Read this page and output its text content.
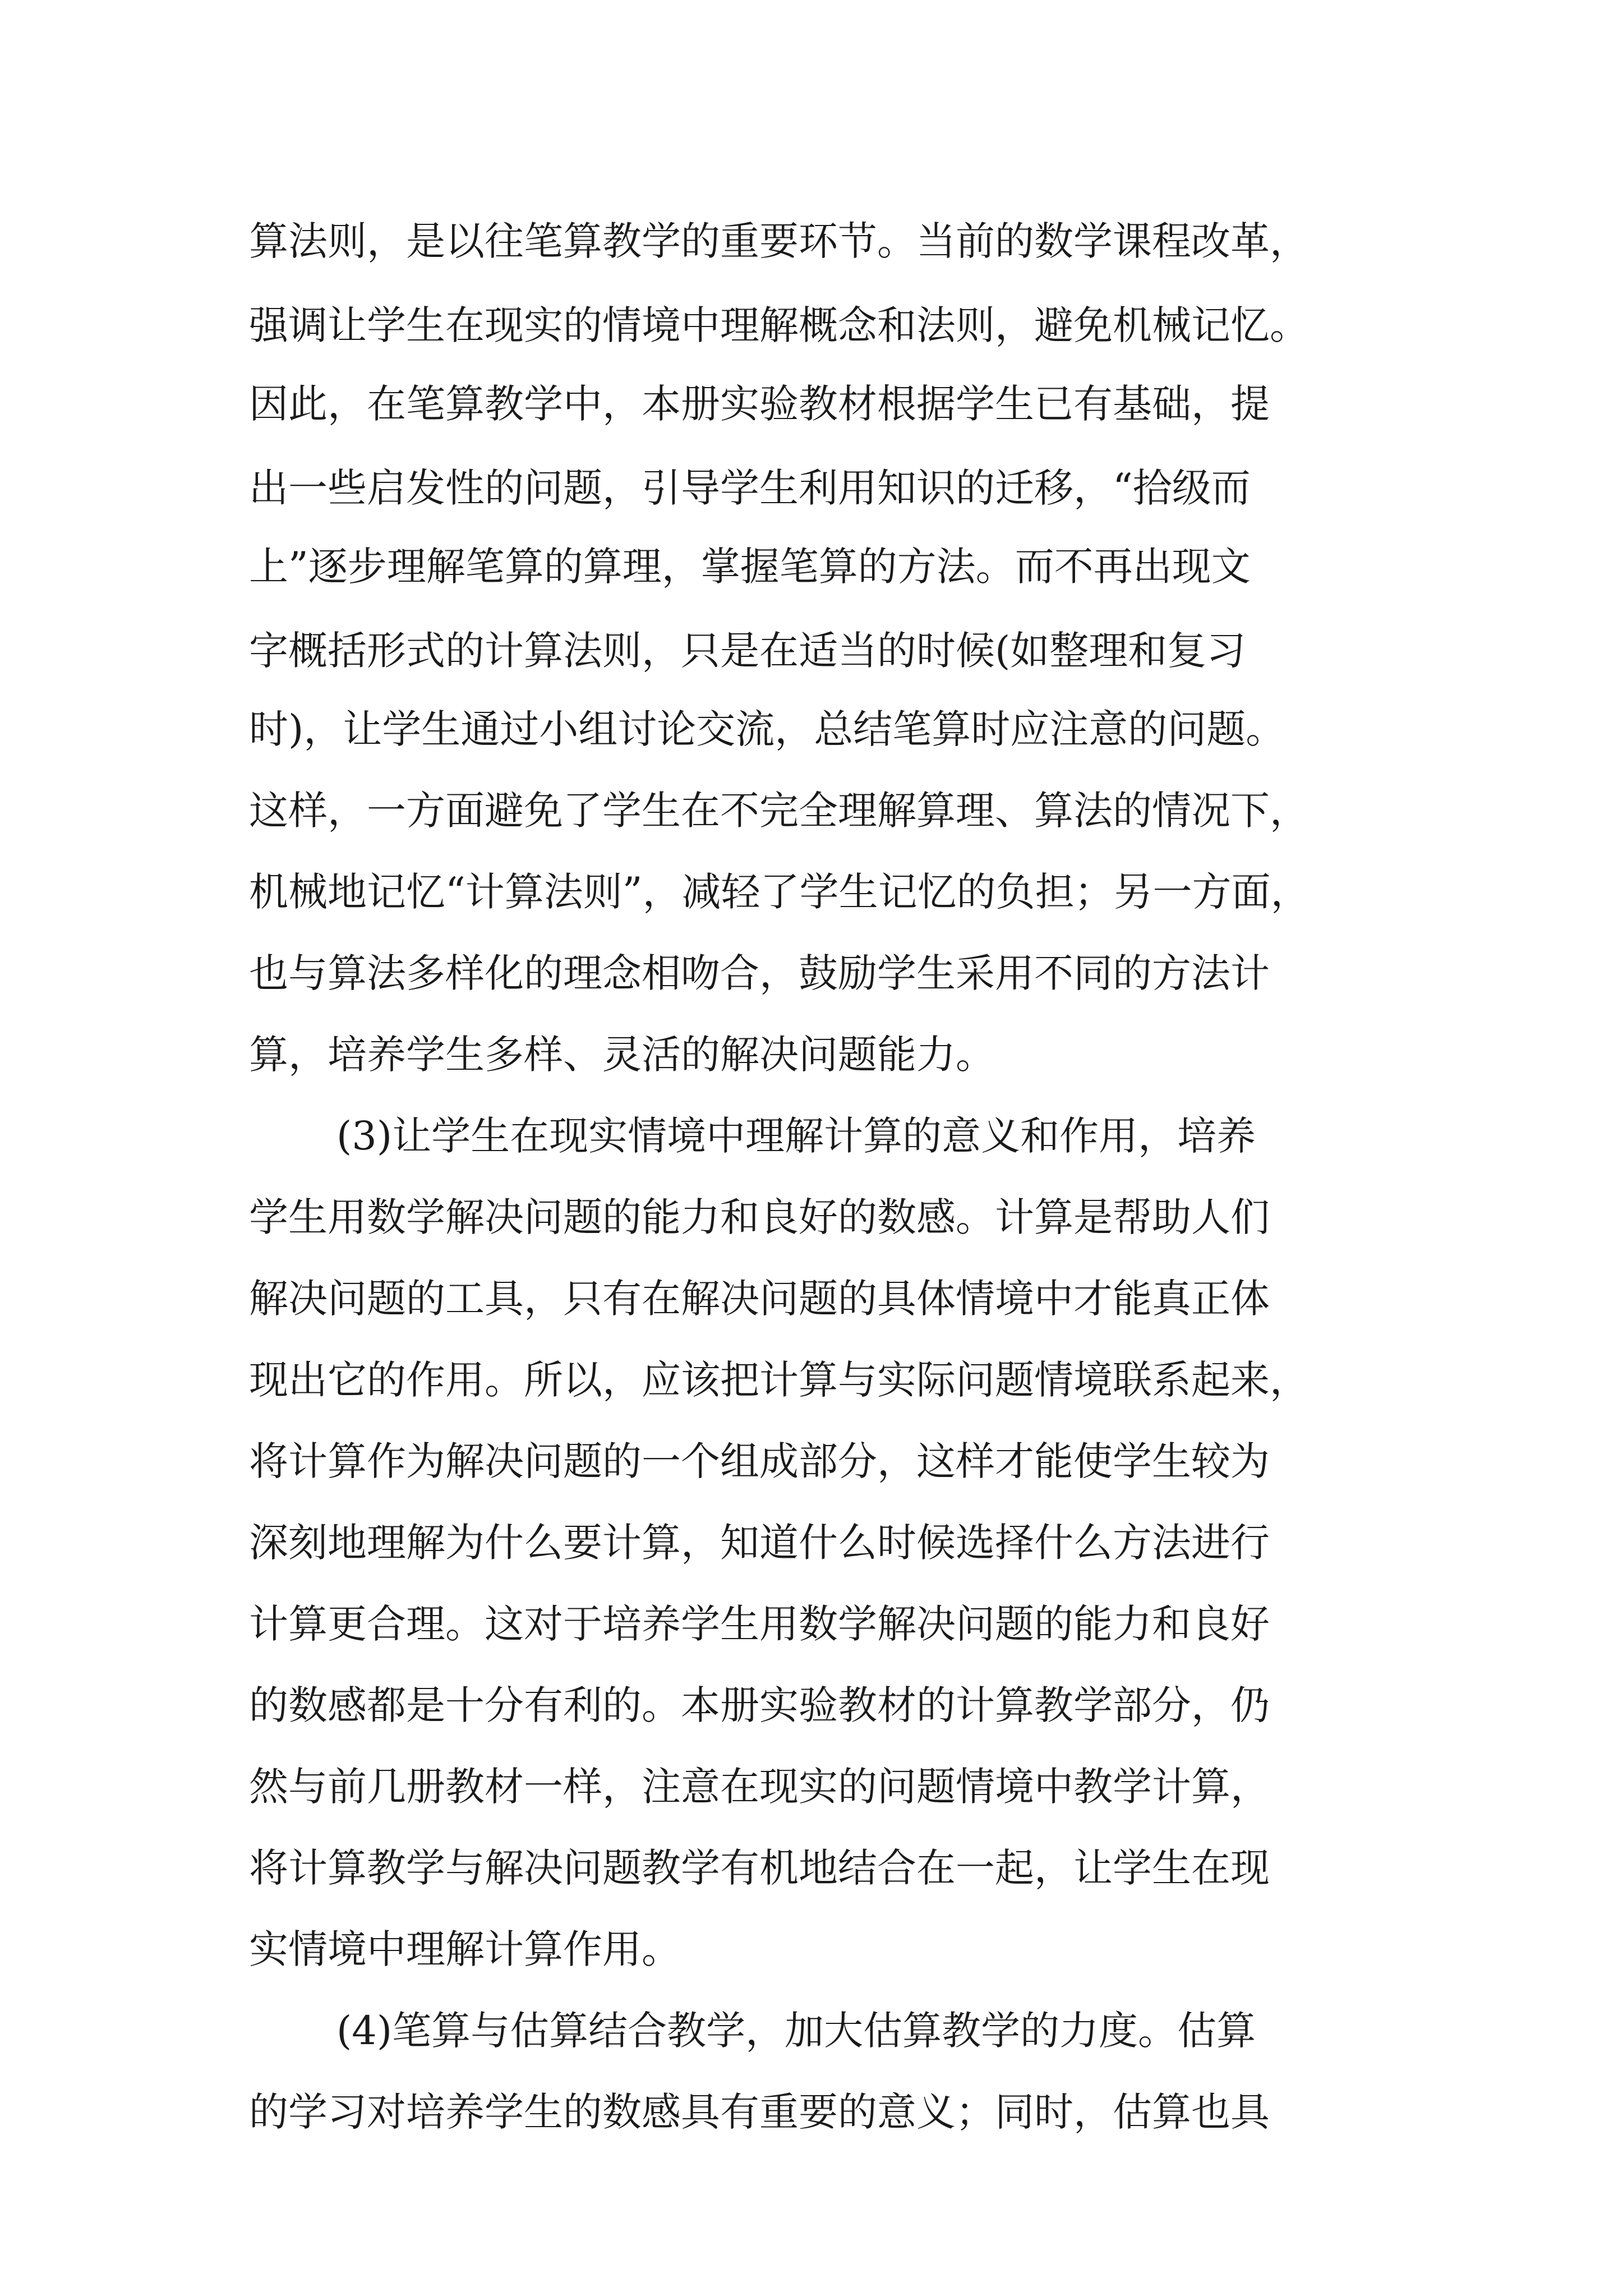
算法则，是以往笔算教学的重要环节。当前的数学课程改革，

强调让学生在现实的情境中理解概念和法则，避免机械记忆。

因此，在笔算教学中，本册实验教材根据学生已有基础，提

出一些启发性的问题，引导学生利用知识的迁移，“拾级而

上”逐步理解笔算的算理，掌握笔算的方法。而不再出现文

字概括形式的计算法则，只是在适当的时候(如整理和复习

时)，让学生通过小组讨论交流，总结笔算时应注意的问题。

这样，一方面避免了学生在不完全理解算理、算法的情况下，

机械地记忆“计算法则”，减轻了学生记忆的负担；另一方面，

也与算法多样化的理念相吻合，鼓励学生采用不同的方法计

算，培养学生多样、灵活的解决问题能力。

(3)让学生在现实情境中理解计算的意义和作用，培养

学生用数学解决问题的能力和良好的数感。计算是帮助人们

解决问题的工具，只有在解决问题的具体情境中才能真正体

现出它的作用。所以，应该把计算与实际问题情境联系起来，

将计算作为解决问题的一个组成部分，这样才能使学生较为

深刻地理解为什么要计算，知道什么时候选择什么方法进行

计算更合理。这对于培养学生用数学解决问题的能力和良好

的数感都是十分有利的。本册实验教材的计算教学部分，仍

然与前几册教材一样，注意在现实的问题情境中教学计算，

将计算教学与解决问题教学有机地结合在一起，让学生在现

实情境中理解计算作用。

(4)笔算与估算结合教学，加大估算教学的力度。估算

的学习对培养学生的数感具有重要的意义；同时，估算也具
